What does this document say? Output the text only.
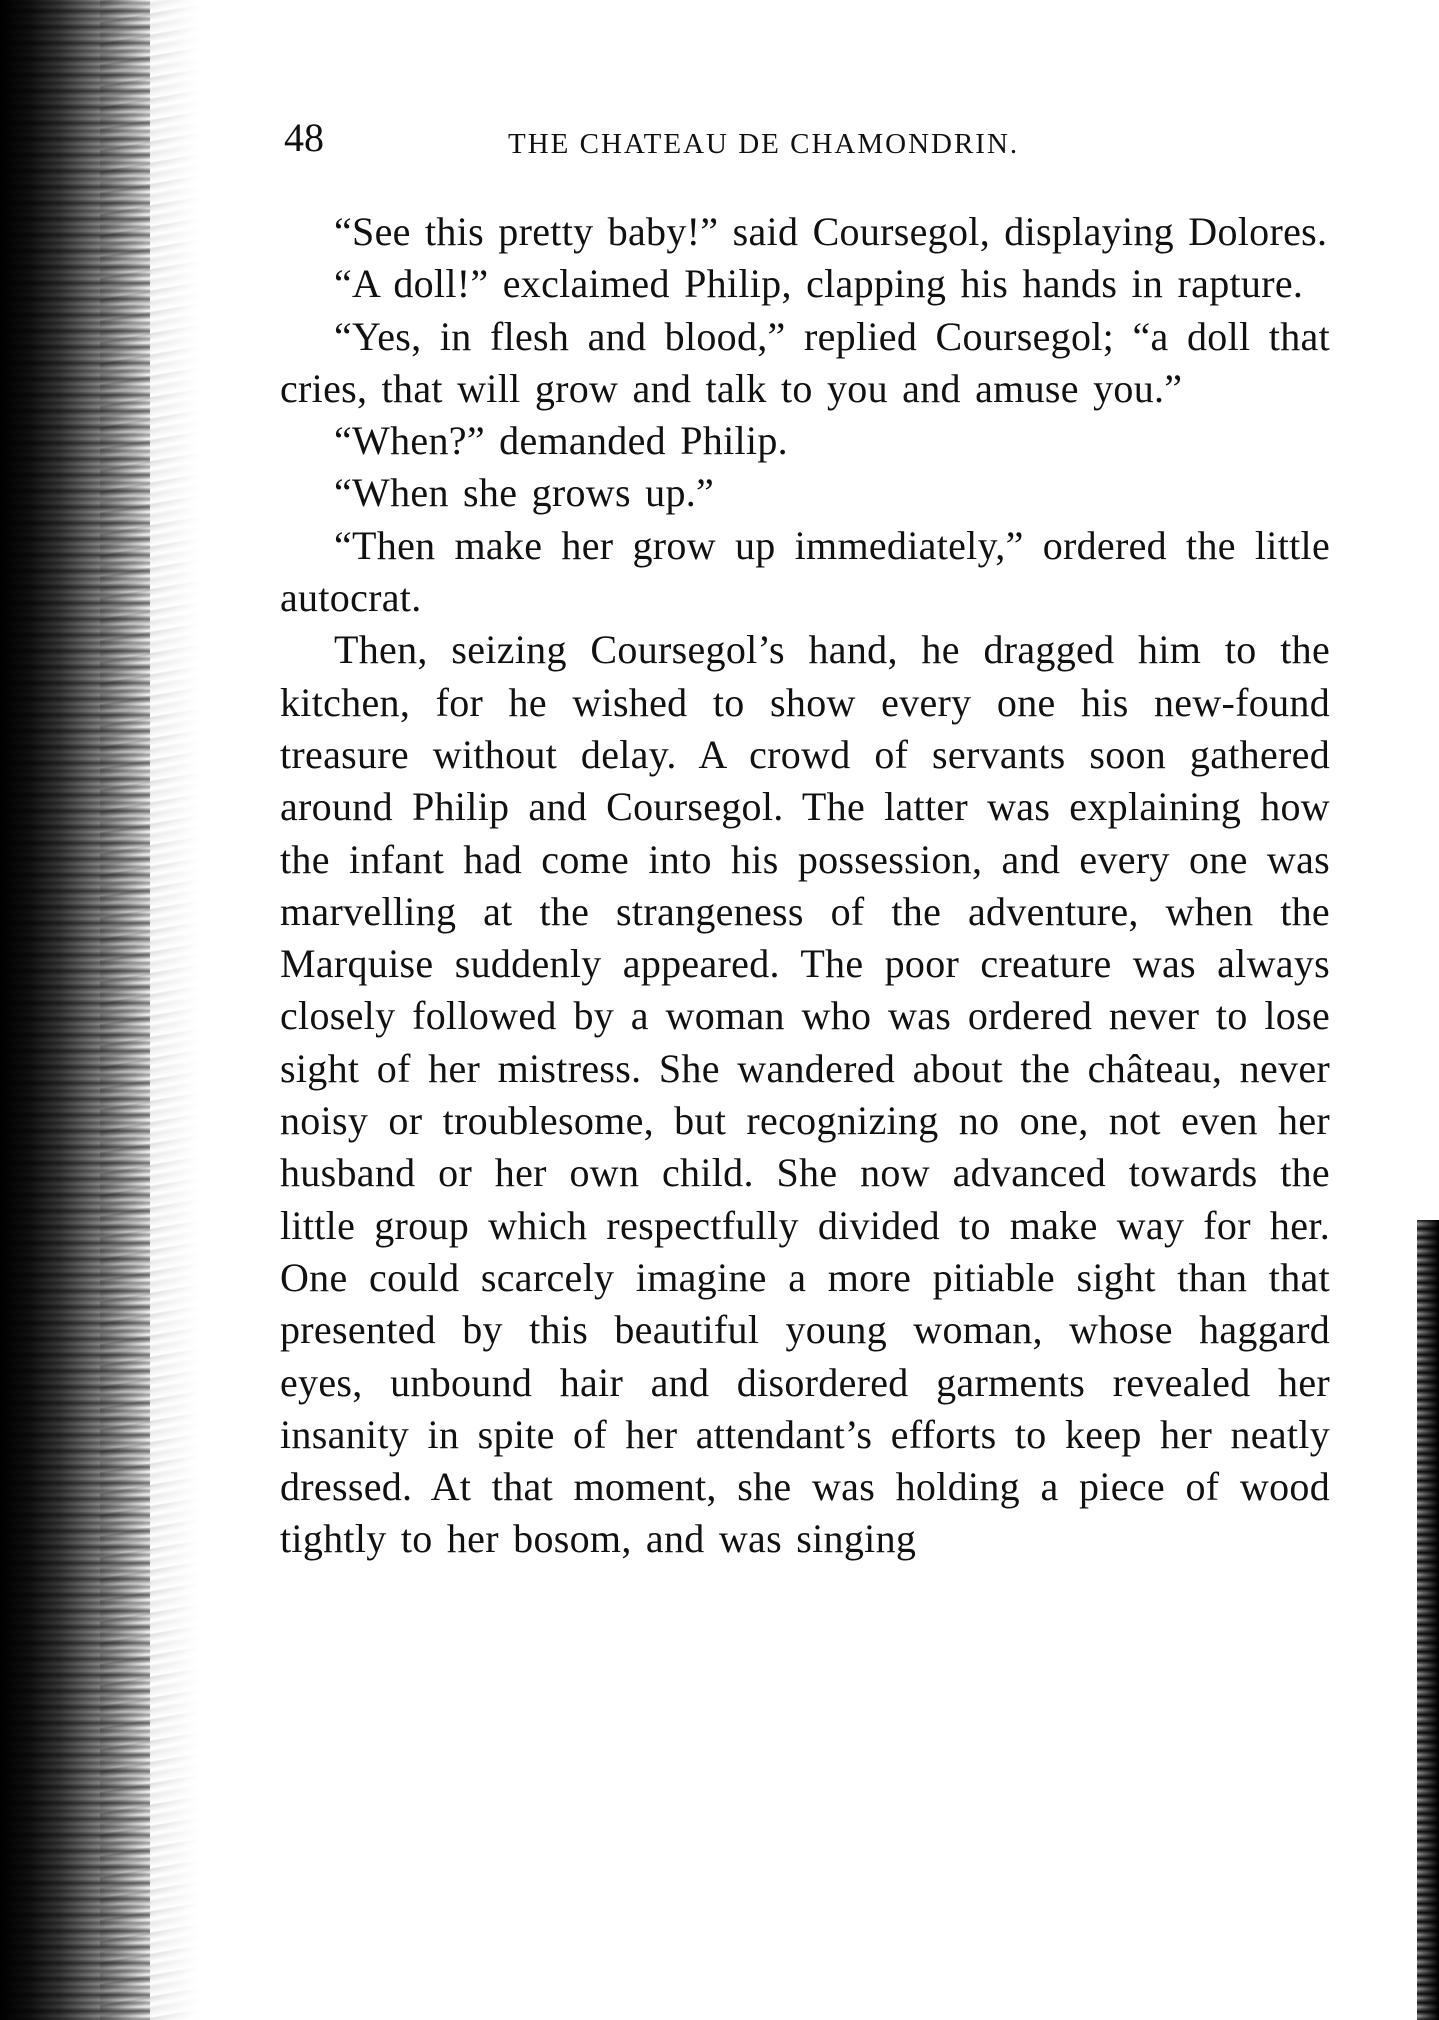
48	THE CHATEAU DE CHAMONDRIN.

“See this pretty baby!” said Coursegol, displaying Dolores.

“A doll!” exclaimed Philip, clapping his hands in rapture.

“Yes, in flesh and blood,” replied Coursegol; “a doll that cries, that will grow and talk to you and amuse you.”

“When?” demanded Philip.

“When she grows up.”

“Then make her grow up immediately,” ordered the little autocrat.

Then, seizing Coursegol’s hand, he dragged him to the kitchen, for he wished to show every one his new-found treasure without delay. A crowd of servants soon gathered around Philip and Coursegol. The latter was explaining how the infant had come into his possession, and every one was marvelling at the strangeness of the adventure, when the Marquise suddenly appeared. The poor creature was always closely followed by a woman who was ordered never to lose sight of her mistress. She wandered about the château, never noisy or troublesome, but recognizing no one, not even her husband or her own child. She now advanced towards the little group which respectfully divided to make way for her. One could scarcely imagine a more pitiable sight than that presented by this beautiful young woman, whose haggard eyes, unbound hair and disordered garments revealed her insanity in spite of her attendant’s efforts to keep her neatly dressed. At that moment, she was holding a piece of wood tightly to her bosom, and was singing
